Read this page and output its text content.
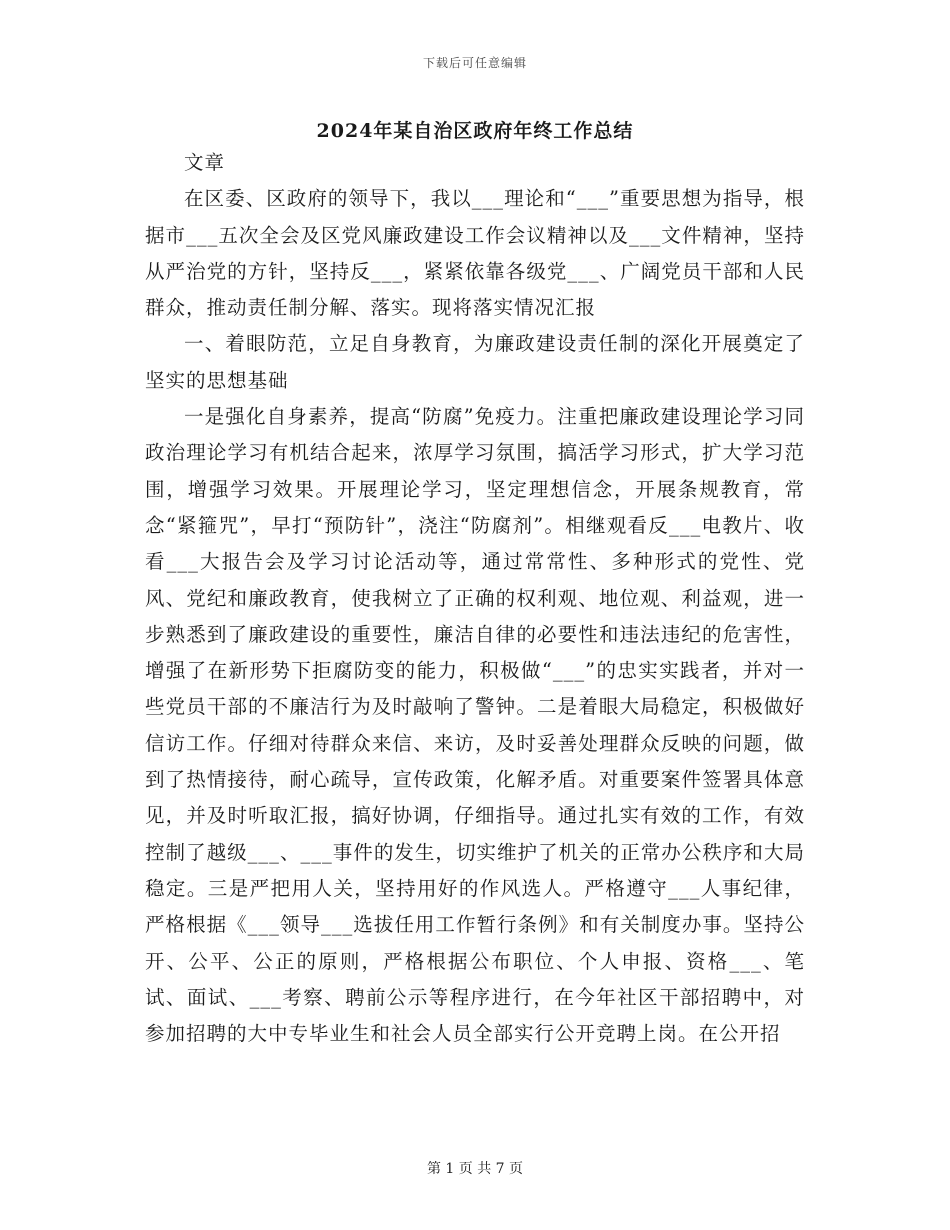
下载后可任意编辑
2024年某自治区政府年终工作总结

文章

在区委、区政府的领导下，我以___理论和“___”重要思想为指导，根据市___五次全会及区党风廉政建设工作会议精神以及___文件精神，坚持从严治党的方针，坚持反___，紧紧依靠各级党___、广阔党员干部和人民群众，推动责任制分解、落实。现将落实情况汇报

一、着眼防范，立足自身教育，为廉政建设责任制的深化开展奠定了坚实的思想基础

一是强化自身素养，提高“防腐”免疫力。注重把廉政建设理论学习同政治理论学习有机结合起来，浓厚学习氛围，搞活学习形式，扩大学习范围，增强学习效果。开展理论学习，坚定理想信念，开展条规教育，常念“紧箍咒”，早打“预防针”，浇注“防腐剂”。相继观看反___电教片、收看___大报告会及学习讨论活动等，通过常常性、多种形式的党性、党风、党纪和廉政教育，使我树立了正确的权利观、地位观、利益观，进一步熟悉到了廉政建设的重要性，廉洁自律的必要性和违法违纪的危害性，增强了在新形势下拒腐防变的能力，积极做“___”的忠实实践者，并对一些党员干部的不廉洁行为及时敲响了警钟。二是着眼大局稳定，积极做好信访工作。仔细对待群众来信、来访，及时妥善处理群众反映的问题，做到了热情接待，耐心疏导，宣传政策，化解矛盾。对重要案件签署具体意见，并及时听取汇报，搞好协调，仔细指导。通过扎实有效的工作，有效控制了越级___、___事件的发生，切实维护了机关的正常办公秩序和大局稳定。三是严把用人关，坚持用好的作风选人。严格遵守___人事纪律，严格根据《___领导___选拔任用工作暂行条例》和有关制度办事。坚持公开、公平、公正的原则，严格根据公布职位、个人申报、资格___、笔试、面试、___考察、聘前公示等程序进行，在今年社区干部招聘中，对参加招聘的大中专毕业生和社会人员全部实行公开竞聘上岗。在公开招

第 1 页 共 7 页
